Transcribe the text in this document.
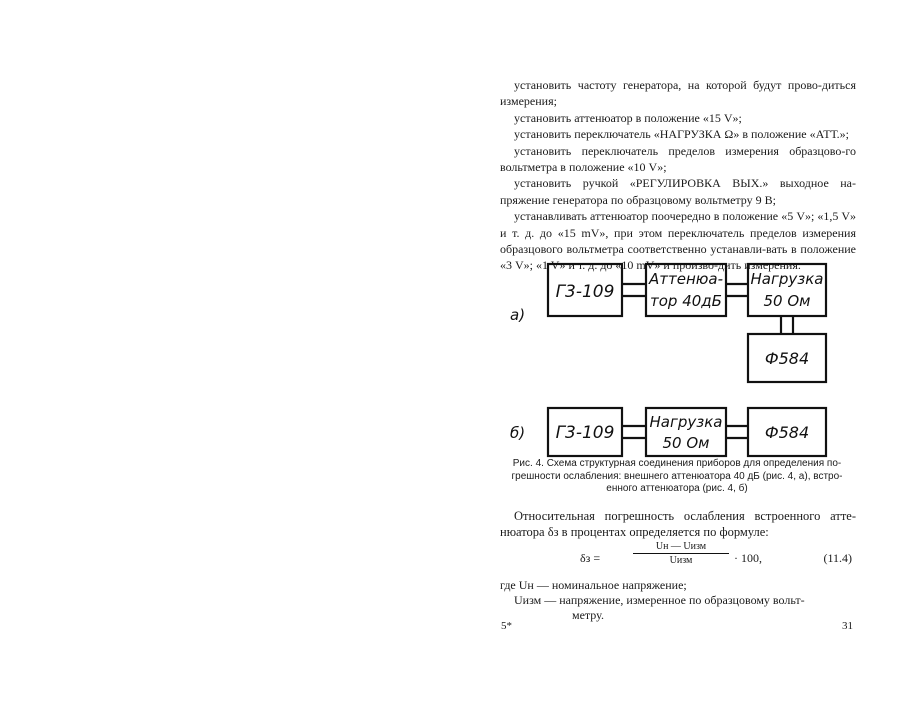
установить частоту генератора, на которой будут прово-диться измерения;

установить аттенюатор в положение «15 V»;

установить переключатель «НАГРУЗКА Ω» в положение «АТТ.»;

установить переключатель пределов измерения образцово-го вольтметра в положение «10 V»;

установить ручкой «РЕГУЛИРОВКА ВЫХ.» выходное на-пряжение генератора по образцовому вольтметру 9 В;

устанавливать аттенюатор поочередно в положение «5 V»; «1,5 V» и т. д. до «15 mV», при этом переключатель пределов измерения образцового вольтметра соответственно устанавли-вать в положение «3 V»; «1 V» и т. д. до «10 mV» и произво-дить измерения.

а)
Г3-109
Аттенюа-
тор 40дБ
Нагрузка
50 Ом
Ф584
б) Г3-109
Нагрузка
50 Ом
Ф584
Рис. 4. Схема структурная соединения приборов для определения по-
грешности ослабления: внешнего аттенюатора 40 дБ (рис. 4, а), встро-
енного аттенюатора (рис. 4, б)

Относительная погрешность ослабления встроенного атте-нюатора δз в процентах определяется по формуле:

δз =
Uн — Uизм
Uизм	· 100,	(11.4)
где Uн — номинальное напряжение;
Uизм — напряжение, измеренное по образцовому вольт-
метру.
5*	31
